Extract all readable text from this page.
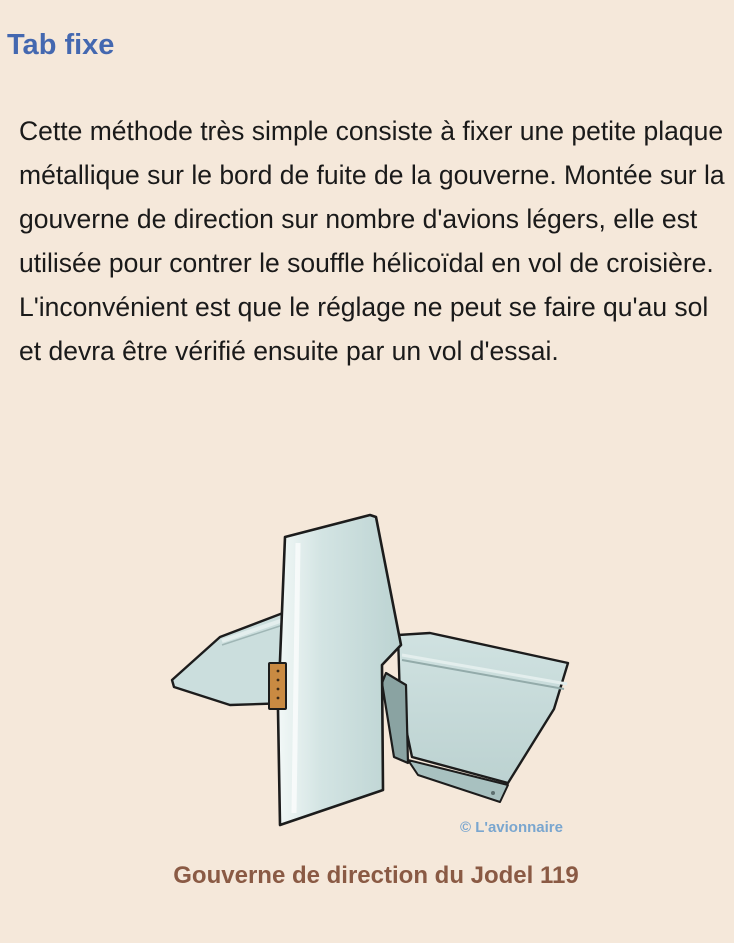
Tab fixe

Cette méthode très simple consiste à fixer une petite plaque métallique sur le bord de fuite de la gouverne. Montée sur la gouverne de direction sur nombre d'avions légers, elle est utilisée pour contrer le souffle hélicoïdal en vol de croisière. L'inconvénient est que le réglage ne peut se faire qu'au sol et devra être vérifié ensuite par un vol d'essai.

© L'avionnaire
Gouverne de direction du Jodel 119
